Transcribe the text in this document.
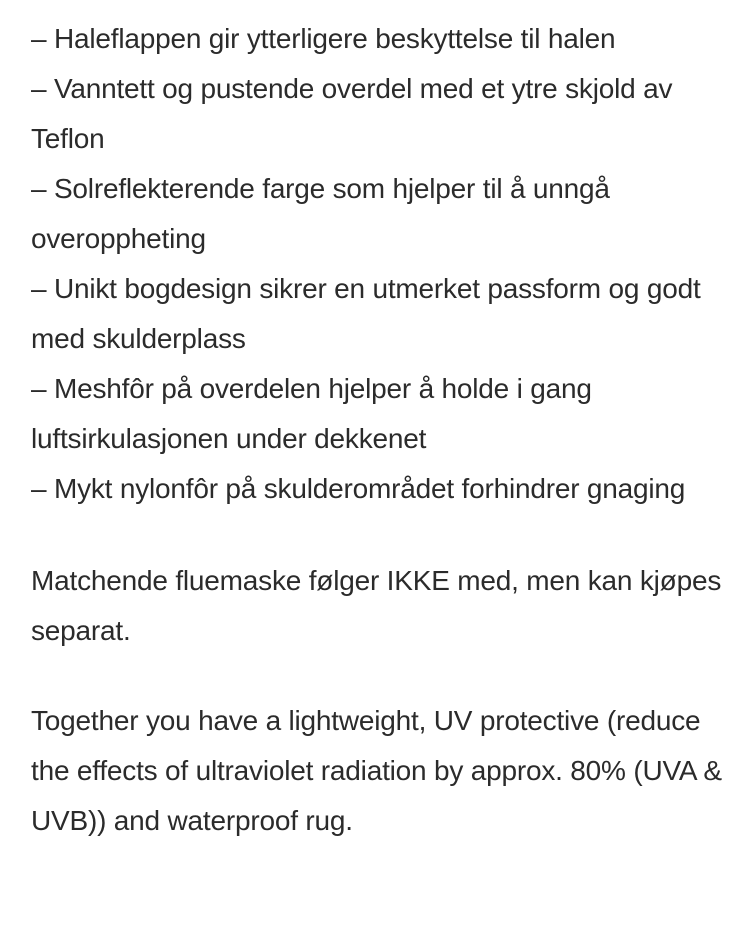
– Haleflappen gir ytterligere beskyttelse til halen
– Vanntett og pustende overdel med et ytre skjold av Teflon
– Solreflekterende farge som hjelper til å unngå overoppheting
– Unikt bogdesign sikrer en utmerket passform og godt med skulderplass
– Meshfôr på overdelen hjelper å holde i gang luftsirkulasjonen under dekkenet
– Mykt nylonfôr på skulderområdet forhindrer gnaging

Matchende fluemaske følger IKKE med, men kan kjøpes separat.

Together you have a lightweight, UV protective (reduce the effects of ultraviolet radiation by approx. 80% (UVA & UVB)) and waterproof rug.
